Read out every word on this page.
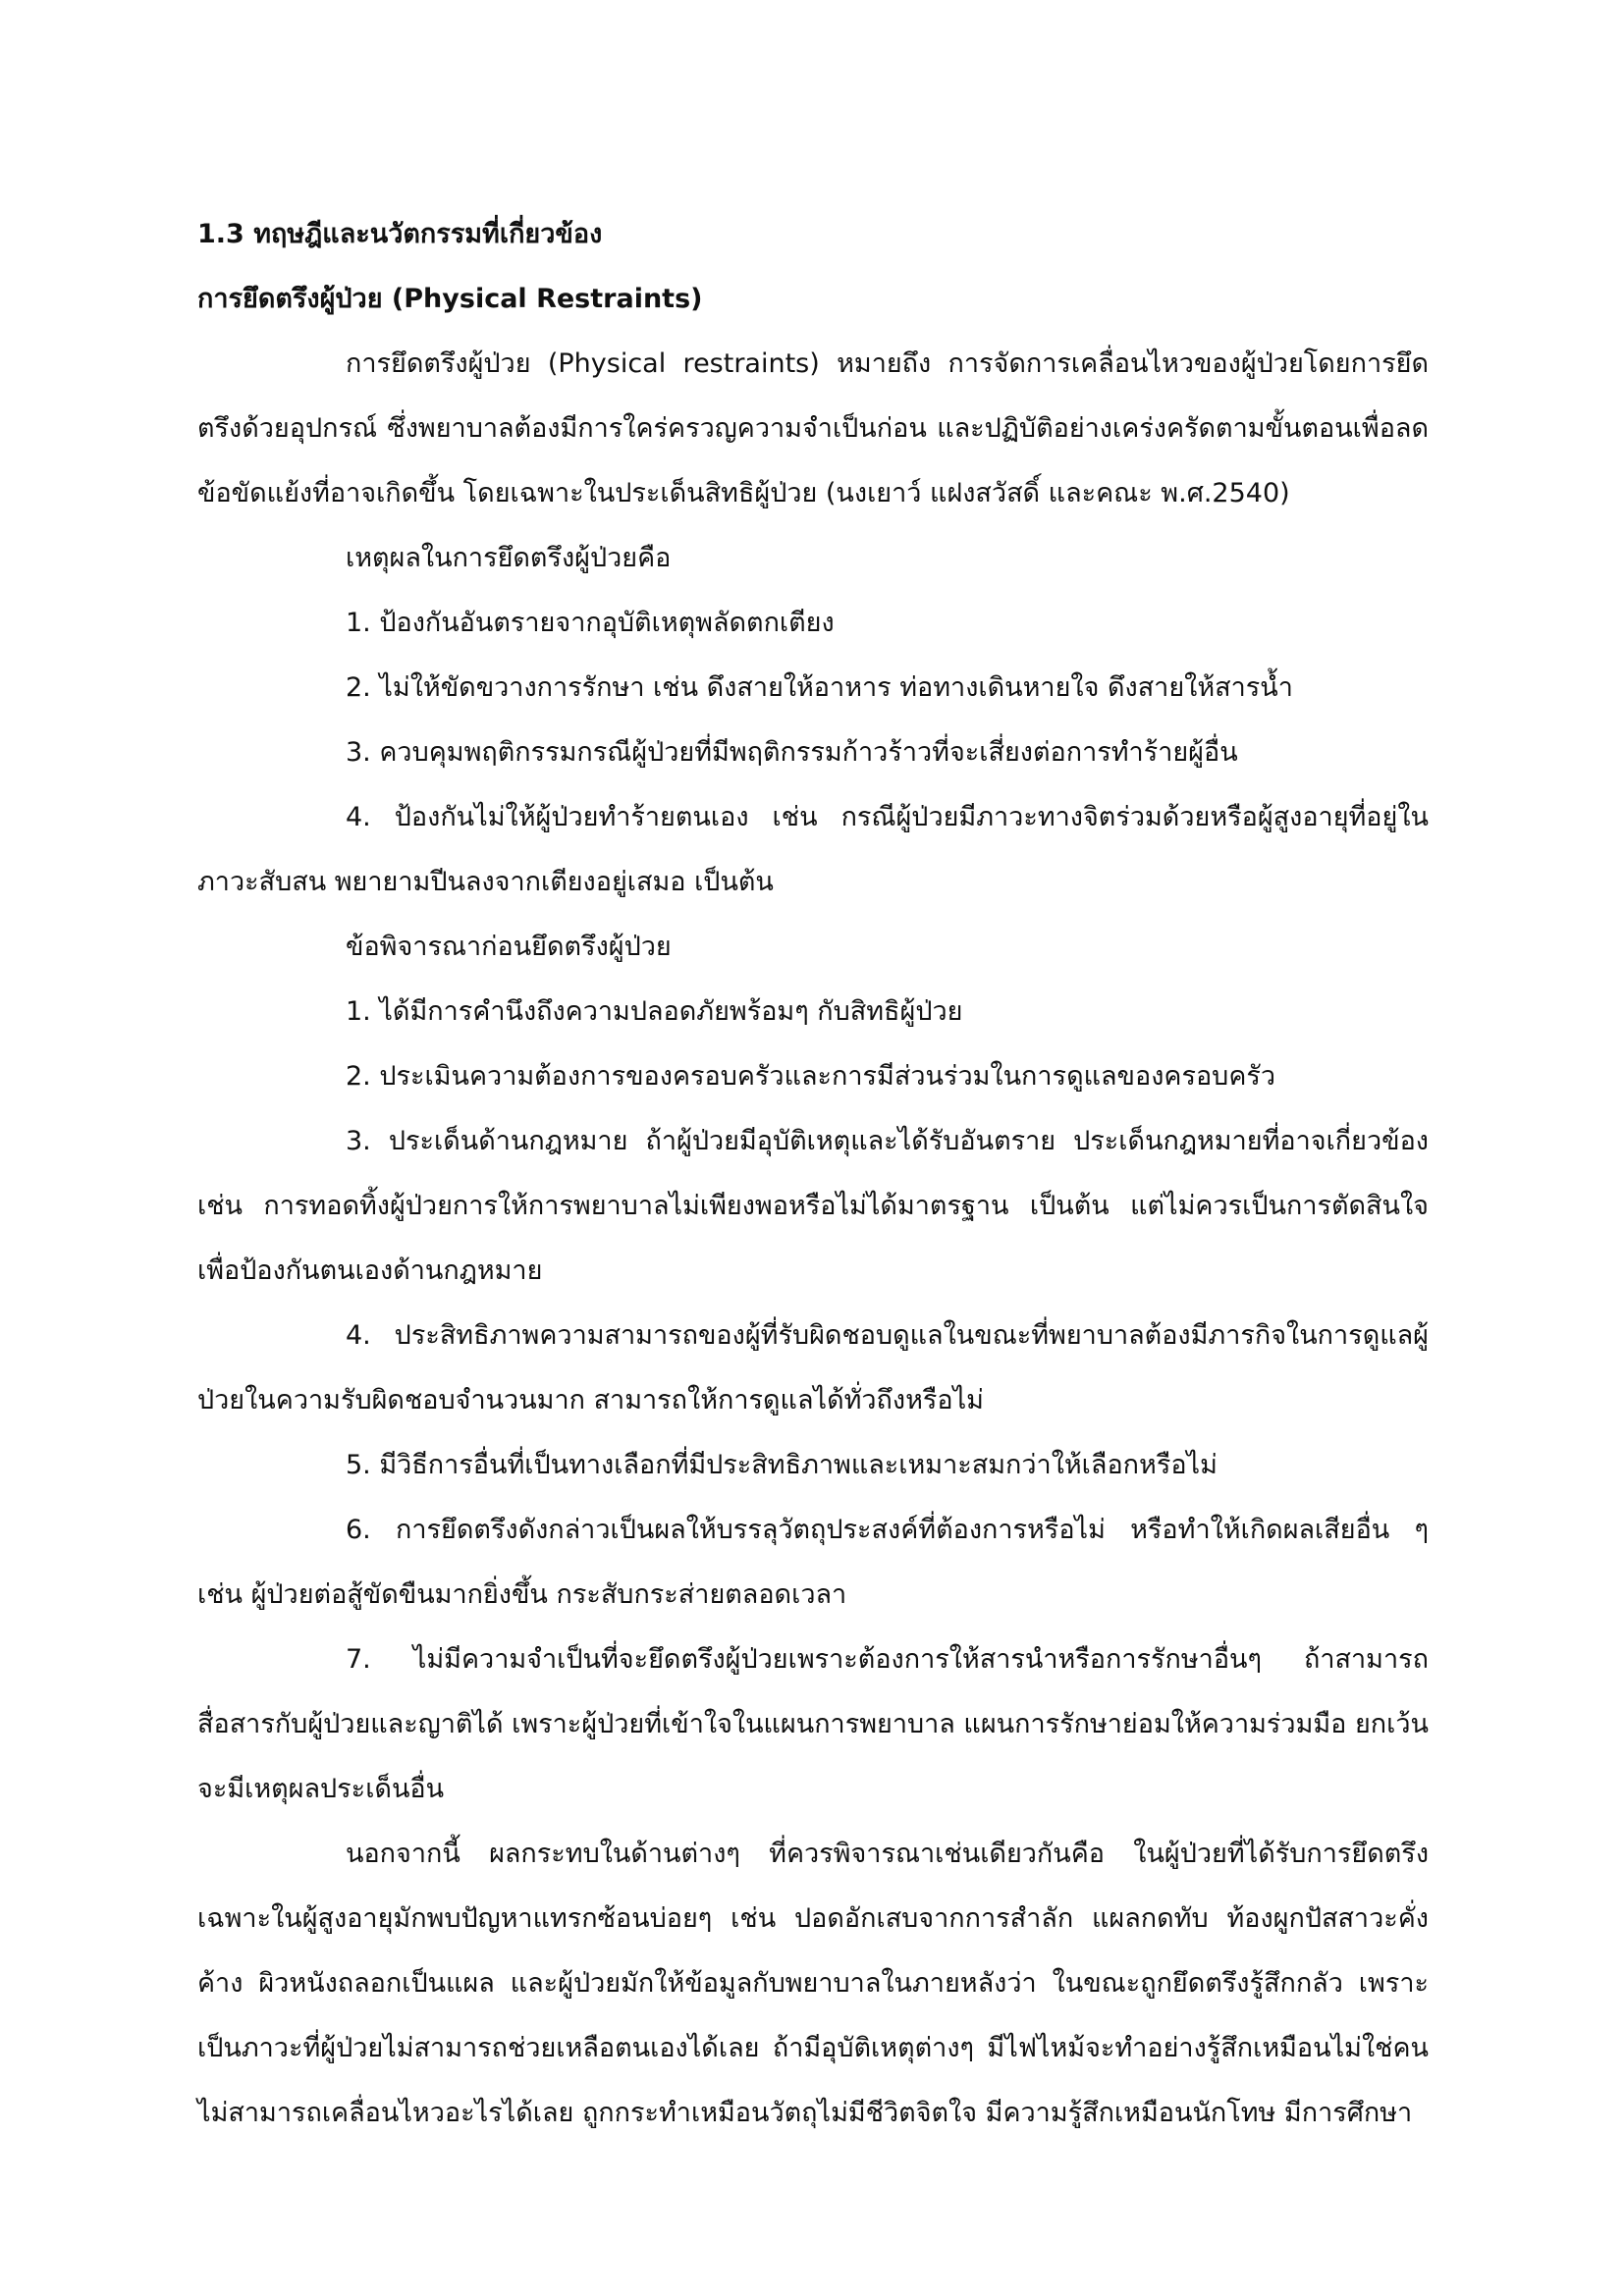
1.3 ทฤษฎีและนวัตกรรมที่เกี่ยวข้อง

การยึดตรึงผู้ป่วย (Physical Restraints)

การยึดตรึงผู้ป่วย (Physical restraints) หมายถึง การจัดการเคลื่อนไหวของผู้ป่วยโดยการยึดตรึงด้วยอุปกรณ์ ซึ่งพยาบาลต้องมีการใคร่ครวญความจำเป็นก่อน และปฏิบัติอย่างเคร่งครัดตามขั้นตอนเพื่อลดข้อขัดแย้งที่อาจเกิดขึ้น โดยเฉพาะในประเด็นสิทธิผู้ป่วย (นงเยาว์ แฝงสวัสดิ์ และคณะ พ.ศ.2540)

เหตุผลในการยึดตรึงผู้ป่วยคือ

1. ป้องกันอันตรายจากอุบัติเหตุพลัดตกเตียง

2. ไม่ให้ขัดขวางการรักษา เช่น ดึงสายให้อาหาร ท่อทางเดินหายใจ ดึงสายให้สารน้ำ

3. ควบคุมพฤติกรรมกรณีผู้ป่วยที่มีพฤติกรรมก้าวร้าวที่จะเสี่ยงต่อการทำร้ายผู้อื่น

4. ป้องกันไม่ให้ผู้ป่วยทำร้ายตนเอง เช่น กรณีผู้ป่วยมีภาวะทางจิตร่วมด้วยหรือผู้สูงอายุที่อยู่ในภาวะสับสน พยายามปีนลงจากเตียงอยู่เสมอ เป็นต้น

ข้อพิจารณาก่อนยึดตรึงผู้ป่วย

1. ได้มีการคำนึงถึงความปลอดภัยพร้อมๆ กับสิทธิผู้ป่วย

2. ประเมินความต้องการของครอบครัวและการมีส่วนร่วมในการดูแลของครอบครัว

3. ประเด็นด้านกฎหมาย ถ้าผู้ป่วยมีอุบัติเหตุและได้รับอันตราย ประเด็นกฎหมายที่อาจเกี่ยวข้อง เช่น การทอดทิ้งผู้ป่วยการให้การพยาบาลไม่เพียงพอหรือไม่ได้มาตรฐาน เป็นต้น แต่ไม่ควรเป็นการตัดสินใจเพื่อป้องกันตนเองด้านกฎหมาย

4. ประสิทธิภาพความสามารถของผู้ที่รับผิดชอบดูแลในขณะที่พยาบาลต้องมีภารกิจในการดูแลผู้ป่วยในความรับผิดชอบจำนวนมาก สามารถให้การดูแลได้ทั่วถึงหรือไม่

5. มีวิธีการอื่นที่เป็นทางเลือกที่มีประสิทธิภาพและเหมาะสมกว่าให้เลือกหรือไม่

6. การยึดตรึงดังกล่าวเป็นผลให้บรรลุวัตถุประสงค์ที่ต้องการหรือไม่ หรือทำให้เกิดผลเสียอื่น ๆ เช่น ผู้ป่วยต่อสู้ขัดขืนมากยิ่งขึ้น กระสับกระส่ายตลอดเวลา

7. ไม่มีความจำเป็นที่จะยึดตรึงผู้ป่วยเพราะต้องการให้สารนำหรือการรักษาอื่นๆ ถ้าสามารถสื่อสารกับผู้ป่วยและญาติได้ เพราะผู้ป่วยที่เข้าใจในแผนการพยาบาล แผนการรักษาย่อมให้ความร่วมมือ ยกเว้นจะมีเหตุผลประเด็นอื่น

นอกจากนี้ ผลกระทบในด้านต่างๆ ที่ควรพิจารณาเช่นเดียวกันคือ ในผู้ป่วยที่ได้รับการยึดตรึงเฉพาะในผู้สูงอายุมักพบปัญหาแทรกซ้อนบ่อยๆ เช่น ปอดอักเสบจากการสำลัก แผลกดทับ ท้องผูกปัสสาวะคั่งค้าง ผิวหนังถลอกเป็นแผล และผู้ป่วยมักให้ข้อมูลกับพยาบาลในภายหลังว่า ในขณะถูกยึดตรึงรู้สึกกลัว เพราะเป็นภาวะที่ผู้ป่วยไม่สามารถช่วยเหลือตนเองได้เลย ถ้ามีอุบัติเหตุต่างๆ มีไฟไหม้จะทำอย่างรู้สึกเหมือนไม่ใช่คนไม่สามารถเคลื่อนไหวอะไรได้เลย ถูกกระทำเหมือนวัตถุไม่มีชีวิตจิตใจ มีความรู้สึกเหมือนนักโทษ มีการศึกษา
